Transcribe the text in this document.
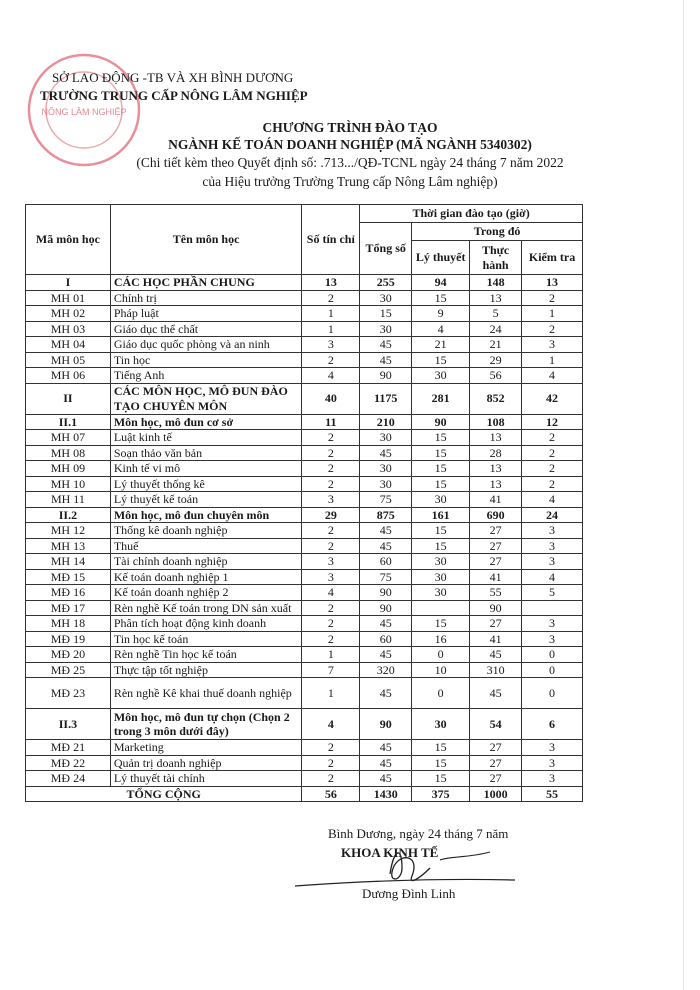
NÔNG LÂM NGHIỆP
SỞ LAO ĐỘNG -TB VÀ XH BÌNH DƯƠNG
TRƯỜNG TRUNG CẤP NÔNG LÂM NGHIỆP
CHƯƠNG TRÌNH ĐÀO TẠO
NGÀNH KẾ TOÁN DOANH NGHIỆP (MÃ NGÀNH 5340302)
(Chi tiết kèm theo Quyết định số: .713.../QĐ-TCNL ngày 24 tháng 7 năm 2022
của Hiệu trưởng Trường Trung cấp Nông Lâm nghiệp)
Mã môn học	Tên môn học	Số tín chỉ	Thời gian đào tạo (giờ)			
			Tổng số	Trong đó		
				Lý thuyết	Thực hành	Kiểm tra
I	CÁC HỌC PHẦN CHUNG	13	255	94	148	13
MH 01	Chính trị	2	30	15	13	2
MH 02	Pháp luật	1	15	9	5	1
MH 03	Giáo dục thể chất	1	30	4	24	2
MH 04	Giáo dục quốc phòng và an ninh	3	45	21	21	3
MH 05	Tin học	2	45	15	29	1
MH 06	Tiếng Anh	4	90	30	56	4
II	CÁC MÔN HỌC, MÔ ĐUN ĐÀO TẠO CHUYÊN MÔN	40	1175	281	852	42
II.1	Môn học, mô đun cơ sở	11	210	90	108	12
MH 07	Luật kinh tế	2	30	15	13	2
MH 08	Soạn thảo văn bản	2	45	15	28	2
MH 09	Kinh tế vi mô	2	30	15	13	2
MH 10	Lý thuyết thống kê	2	30	15	13	2
MH 11	Lý thuyết kế toán	3	75	30	41	4
II.2	Môn học, mô đun chuyên môn	29	875	161	690	24
MH 12	Thống kê doanh nghiệp	2	45	15	27	3
MH 13	Thuế	2	45	15	27	3
MH 14	Tài chính doanh nghiệp	3	60	30	27	3
MĐ 15	Kế toán doanh nghiệp 1	3	75	30	41	4
MĐ 16	Kế toán doanh nghiệp 2	4	90	30	55	5
MĐ 17	Rèn nghề Kế toán trong DN sản xuất	2	90		90	
MH 18	Phân tích hoạt động kinh doanh	2	45	15	27	3
MĐ 19	Tin học kế toán	2	60	16	41	3
MĐ 20	Rèn nghề Tin học kế toán	1	45	0	45	0
MĐ 25	Thực tập tốt nghiệp	7	320	10	310	0
MĐ 23	Rèn nghề Kê khai thuế doanh nghiệp	1	45	0	45	0
II.3	Môn học, mô đun tự chọn (Chọn 2 trong 3 môn dưới đây)	4	90	30	54	6
MĐ 21	Marketing	2	45	15	27	3
MĐ 22	Quản trị doanh nghiệp	2	45	15	27	3
MĐ 24	Lý thuyết tài chính	2	45	15	27	3
TỔNG CỘNG		56	1430	375	1000	55
Bình Dương, ngày 24 tháng 7 năm
KHOA KINH TẾ
Dương Đình Linh
